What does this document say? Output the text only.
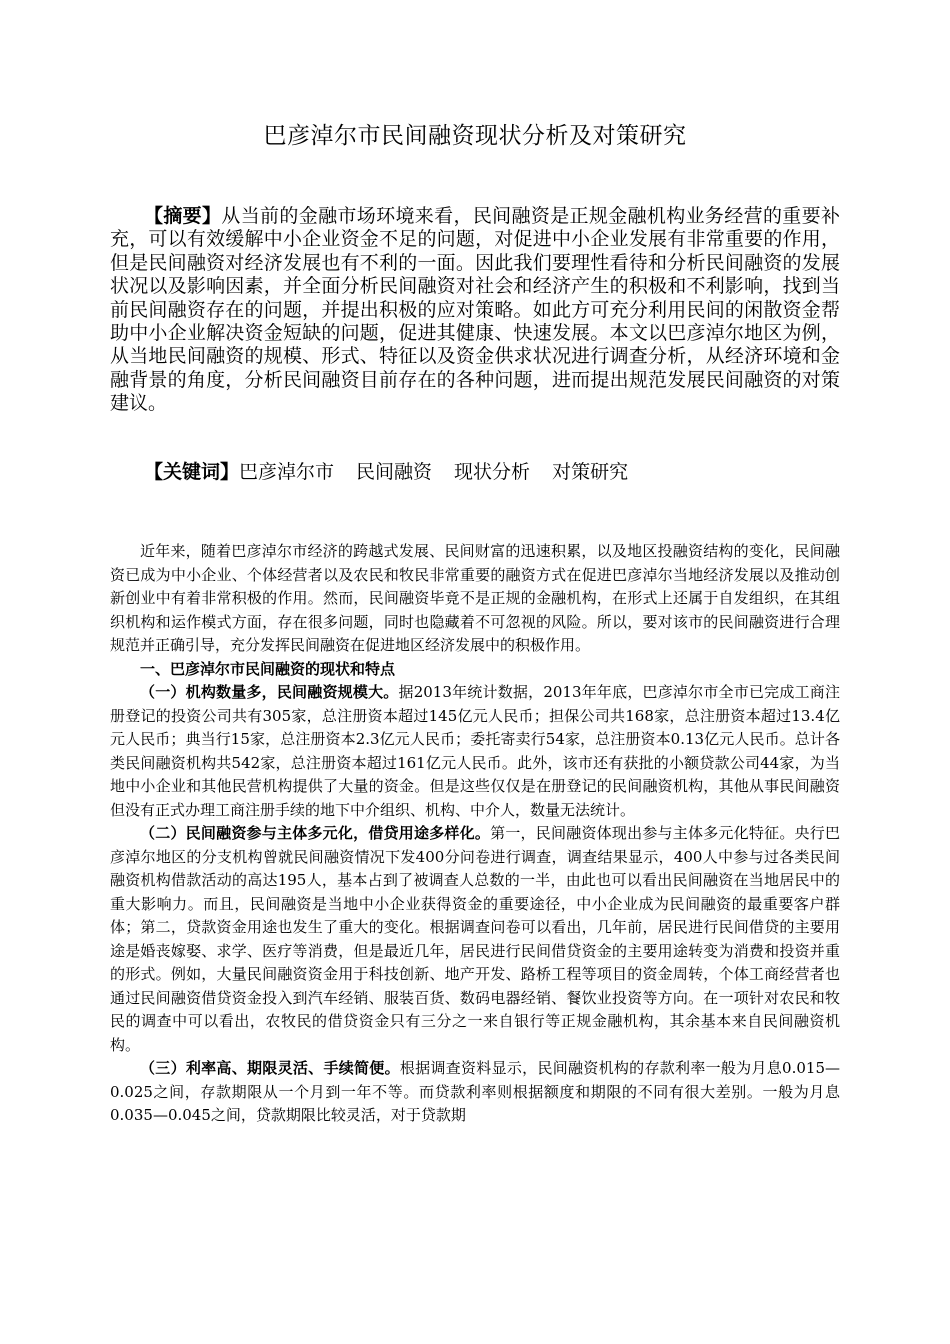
巴彦淖尔市民间融资现状分析及对策研究
【摘要】从当前的金融市场环境来看，民间融资是正规金融机构业务经营的重要补充，可以有效缓解中小企业资金不足的问题，对促进中小企业发展有非常重要的作用，但是民间融资对经济发展也有不利的一面。因此我们要理性看待和分析民间融资的发展状况以及影响因素，并全面分析民间融资对社会和经济产生的积极和不利影响，找到当前民间融资存在的问题，并提出积极的应对策略。如此方可充分利用民间的闲散资金帮助中小企业解决资金短缺的问题，促进其健康、快速发展。本文以巴彦淖尔地区为例，从当地民间融资的规模、形式、特征以及资金供求状况进行调查分析，从经济环境和金融背景的角度，分析民间融资目前存在的各种问题，进而提出规范发展民间融资的对策建议。
【关键词】巴彦淖尔市 民间融资 现状分析 对策研究

近年来，随着巴彦淖尔市经济的跨越式发展、民间财富的迅速积累，以及地区投融资结构的变化，民间融资已成为中小企业、个体经营者以及农民和牧民非常重要的融资方式在促进巴彦淖尔当地经济发展以及推动创新创业中有着非常积极的作用。然而，民间融资毕竟不是正规的金融机构，在形式上还属于自发组织，在其组织机构和运作模式方面，存在很多问题，同时也隐藏着不可忽视的风险。所以，要对该市的民间融资进行合理规范并正确引导，充分发挥民间融资在促进地区经济发展中的积极作用。

一、巴彦淖尔市民间融资的现状和特点

（一）机构数量多，民间融资规模大。据2013年统计数据，2013年年底，巴彦淖尔市全市已完成工商注册登记的投资公司共有305家，总注册资本超过145亿元人民币；担保公司共168家，总注册资本超过13.4亿元人民币；典当行15家，总注册资本2.3亿元人民币；委托寄卖行54家，总注册资本0.13亿元人民币。总计各类民间融资机构共542家，总注册资本超过161亿元人民币。此外，该市还有获批的小额贷款公司44家，为当地中小企业和其他民营机构提供了大量的资金。但是这些仅仅是在册登记的民间融资机构，其他从事民间融资但没有正式办理工商注册手续的地下中介组织、机构、中介人，数量无法统计。

（二）民间融资参与主体多元化，借贷用途多样化。第一，民间融资体现出参与主体多元化特征。央行巴彦淖尔地区的分支机构曾就民间融资情况下发400分问卷进行调查，调查结果显示，400人中参与过各类民间融资机构借款活动的高达195人，基本占到了被调查人总数的一半，由此也可以看出民间融资在当地居民中的重大影响力。而且，民间融资是当地中小企业获得资金的重要途径，中小企业成为民间融资的最重要客户群体；第二，贷款资金用途也发生了重大的变化。根据调查问卷可以看出，几年前，居民进行民间借贷的主要用途是婚丧嫁娶、求学、医疗等消费，但是最近几年，居民进行民间借贷资金的主要用途转变为消费和投资并重的形式。例如，大量民间融资资金用于科技创新、地产开发、路桥工程等项目的资金周转，个体工商经营者也通过民间融资借贷资金投入到汽车经销、服装百货、数码电器经销、餐饮业投资等方向。在一项针对农民和牧民的调查中可以看出，农牧民的借贷资金只有三分之一来自银行等正规金融机构，其余基本来自民间融资机构。

（三）利率高、期限灵活、手续简便。根据调查资料显示，民间融资机构的存款利率一般为月息0.015—0.025之间，存款期限从一个月到一年不等。而贷款利率则根据额度和期限的不同有很大差别。一般为月息0.035—0.045之间，贷款期限比较灵活，对于贷款期
